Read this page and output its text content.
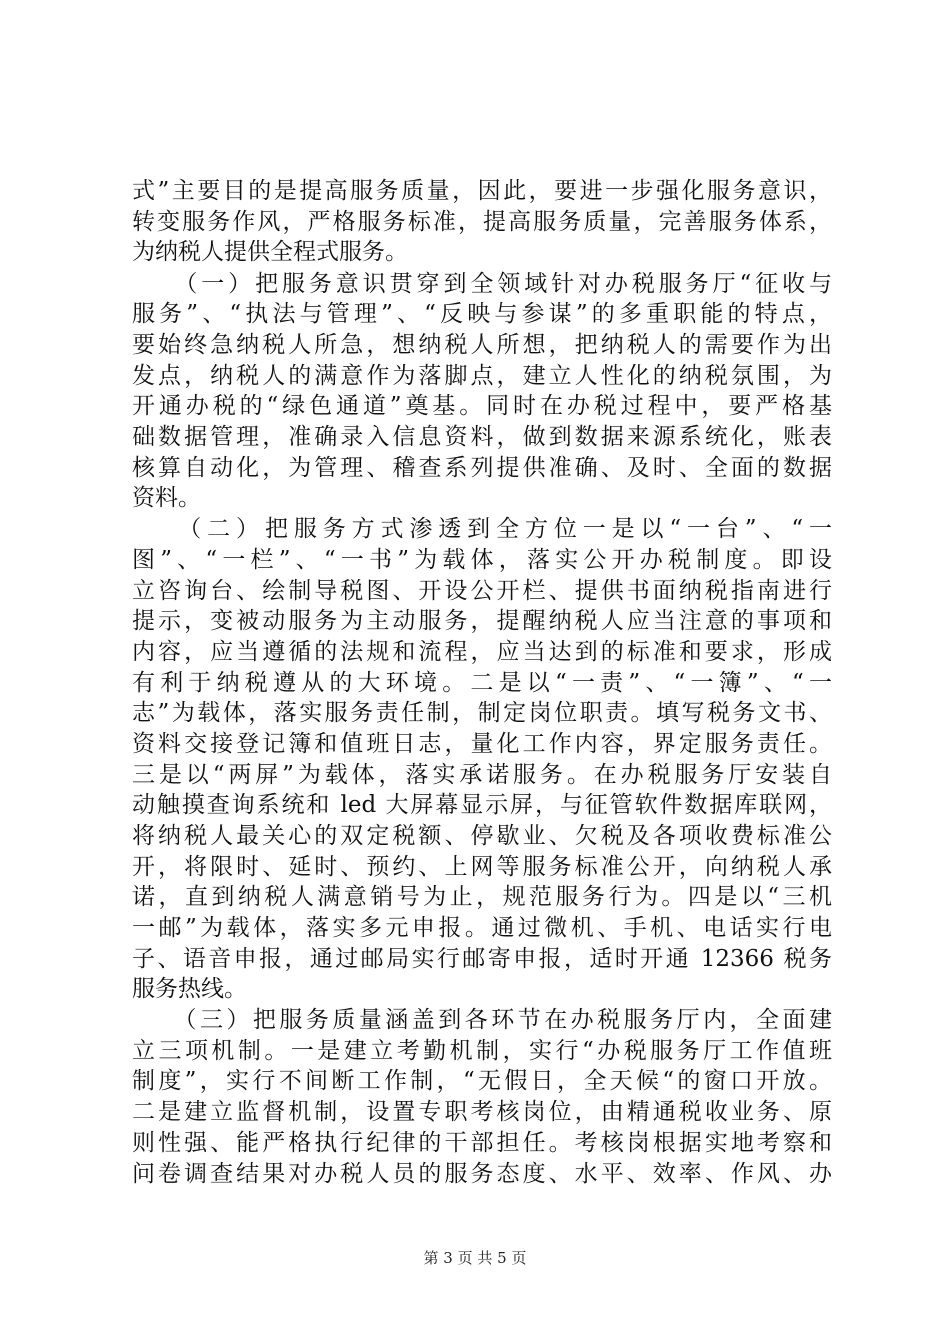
式”主要目的是提高服务质量，因此，要进一步强化服务意识，
转变服务作风，严格服务标准，提高服务质量，完善服务体系，
为纳税人提供全程式服务。
　　（一）把服务意识贯穿到全领域针对办税服务厅“征收与
服务”、“执法与管理”、“反映与参谋”的多重职能的特点，
要始终急纳税人所急，想纳税人所想，把纳税人的需要作为出
发点，纳税人的满意作为落脚点，建立人性化的纳税氛围，为
开通办税的“绿色通道”奠基。同时在办税过程中，要严格基
础数据管理，准确录入信息资料，做到数据来源系统化，账表
核算自动化，为管理、稽查系列提供准确、及时、全面的数据
资料。
　　（二）把服务方式渗透到全方位一是以“一台”、“一
图”、“一栏”、“一书”为载体，落实公开办税制度。即设
立咨询台、绘制导税图、开设公开栏、提供书面纳税指南进行
提示，变被动服务为主动服务，提醒纳税人应当注意的事项和
内容，应当遵循的法规和流程，应当达到的标准和要求，形成
有利于纳税遵从的大环境。二是以“一责”、“一簿”、“一
志”为载体，落实服务责任制，制定岗位职责。填写税务文书、
资料交接登记簿和值班日志，量化工作内容，界定服务责任。
三是以“两屏”为载体，落实承诺服务。在办税服务厅安装自
动触摸查询系统和 led 大屏幕显示屏，与征管软件数据库联网，
将纳税人最关心的双定税额、停歇业、欠税及各项收费标准公
开，将限时、延时、预约、上网等服务标准公开，向纳税人承
诺，直到纳税人满意销号为止，规范服务行为。四是以“三机
一邮”为载体，落实多元申报。通过微机、手机、电话实行电
子、语音申报，通过邮局实行邮寄申报，适时开通 12366 税务
服务热线。
　　（三）把服务质量涵盖到各环节在办税服务厅内，全面建
立三项机制。一是建立考勤机制，实行“办税服务厅工作值班
制度”，实行不间断工作制，“无假日，全天候“的窗口开放。
二是建立监督机制，设置专职考核岗位，由精通税收业务、原
则性强、能严格执行纪律的干部担任。考核岗根据实地考察和
问卷调查结果对办税人员的服务态度、水平、效率、作风、办
第 3 页 共 5 页
